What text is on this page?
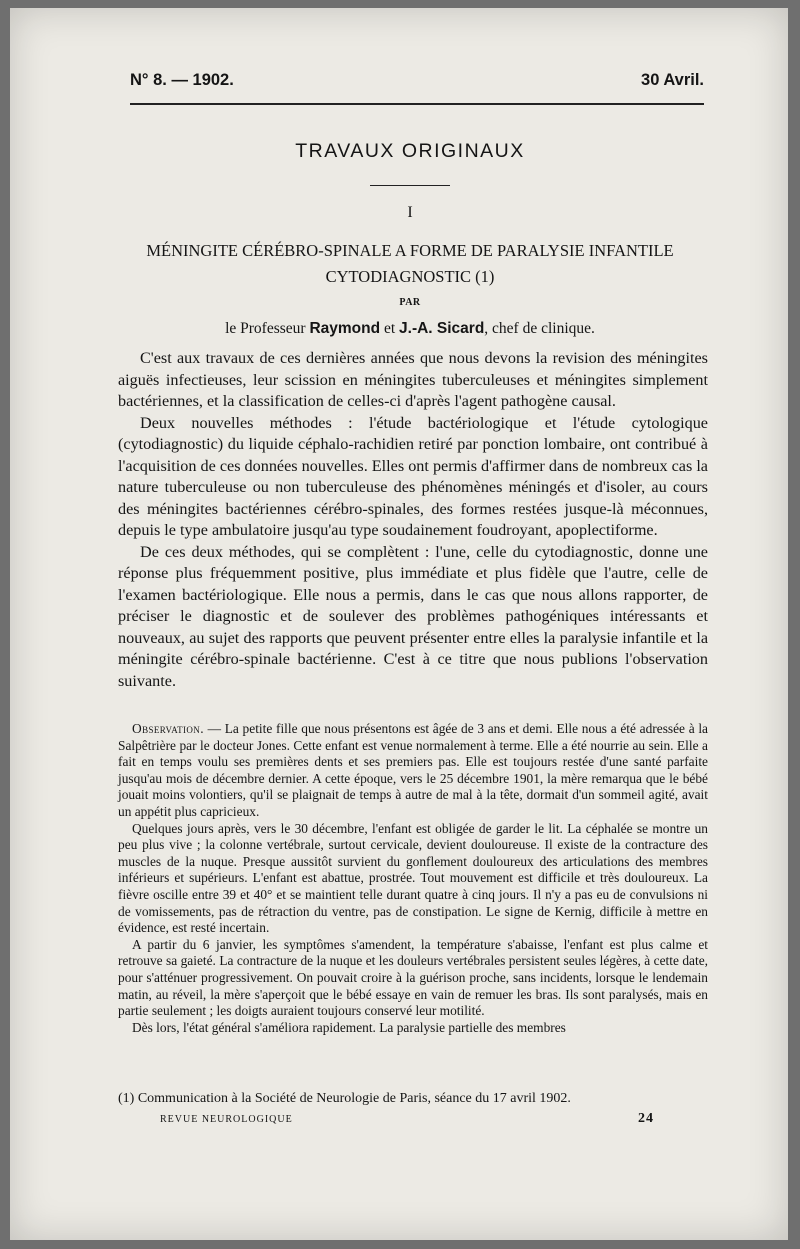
N° 8. — 1902.	30 Avril.
TRAVAUX ORIGINAUX
I
MÉNINGITE CÉRÉBRO-SPINALE A FORME DE PARALYSIE INFANTILE
CYTODIAGNOSTIC (1)
PAR
le Professeur Raymond et J.-A. Sicard, chef de clinique.

C'est aux travaux de ces dernières années que nous devons la revision des méningites aiguës infectieuses, leur scission en méningites tuberculeuses et méningites simplement bactériennes, et la classification de celles-ci d'après l'agent pathogène causal.

Deux nouvelles méthodes : l'étude bactériologique et l'étude cytologique (cytodiagnostic) du liquide céphalo-rachidien retiré par ponction lombaire, ont contribué à l'acquisition de ces données nouvelles. Elles ont permis d'affirmer dans de nombreux cas la nature tuberculeuse ou non tuberculeuse des phénomènes méningés et d'isoler, au cours des méningites bactériennes cérébro-spinales, des formes restées jusque-là méconnues, depuis le type ambulatoire jusqu'au type soudainement foudroyant, apoplectiforme.

De ces deux méthodes, qui se complètent : l'une, celle du cytodiagnostic, donne une réponse plus fréquemment positive, plus immédiate et plus fidèle que l'autre, celle de l'examen bactériologique. Elle nous a permis, dans le cas que nous allons rapporter, de préciser le diagnostic et de soulever des problèmes pathogéniques intéressants et nouveaux, au sujet des rapports que peuvent présenter entre elles la paralysie infantile et la méningite cérébro-spinale bactérienne. C'est à ce titre que nous publions l'observation suivante.

Observation. — La petite fille que nous présentons est âgée de 3 ans et demi. Elle nous a été adressée à la Salpêtrière par le docteur Jones. Cette enfant est venue normalement à terme. Elle a été nourrie au sein. Elle a fait en temps voulu ses premières dents et ses premiers pas. Elle est toujours restée d'une santé parfaite jusqu'au mois de décembre dernier. A cette époque, vers le 25 décembre 1901, la mère remarqua que le bébé jouait moins volontiers, qu'il se plaignait de temps à autre de mal à la tête, dormait d'un sommeil agité, avait un appétit plus capricieux.

Quelques jours après, vers le 30 décembre, l'enfant est obligée de garder le lit. La céphalée se montre un peu plus vive ; la colonne vertébrale, surtout cervicale, devient douloureuse. Il existe de la contracture des muscles de la nuque. Presque aussitôt survient du gonflement douloureux des articulations des membres inférieurs et supérieurs. L'enfant est abattue, prostrée. Tout mouvement est difficile et très douloureux. La fièvre oscille entre 39 et 40° et se maintient telle durant quatre à cinq jours. Il n'y a pas eu de convulsions ni de vomissements, pas de rétraction du ventre, pas de constipation. Le signe de Kernig, difficile à mettre en évidence, est resté incertain.

A partir du 6 janvier, les symptômes s'amendent, la température s'abaisse, l'enfant est plus calme et retrouve sa gaieté. La contracture de la nuque et les douleurs vertébrales persistent seules légères, à cette date, pour s'atténuer progressivement. On pouvait croire à la guérison proche, sans incidents, lorsque le lendemain matin, au réveil, la mère s'aperçoit que le bébé essaye en vain de remuer les bras. Ils sont paralysés, mais en partie seulement ; les doigts auraient toujours conservé leur motilité.

Dès lors, l'état général s'améliora rapidement. La paralysie partielle des membres

(1) Communication à la Société de Neurologie de Paris, séance du 17 avril 1902.
REVUE NEUROLOGIQUE	24
